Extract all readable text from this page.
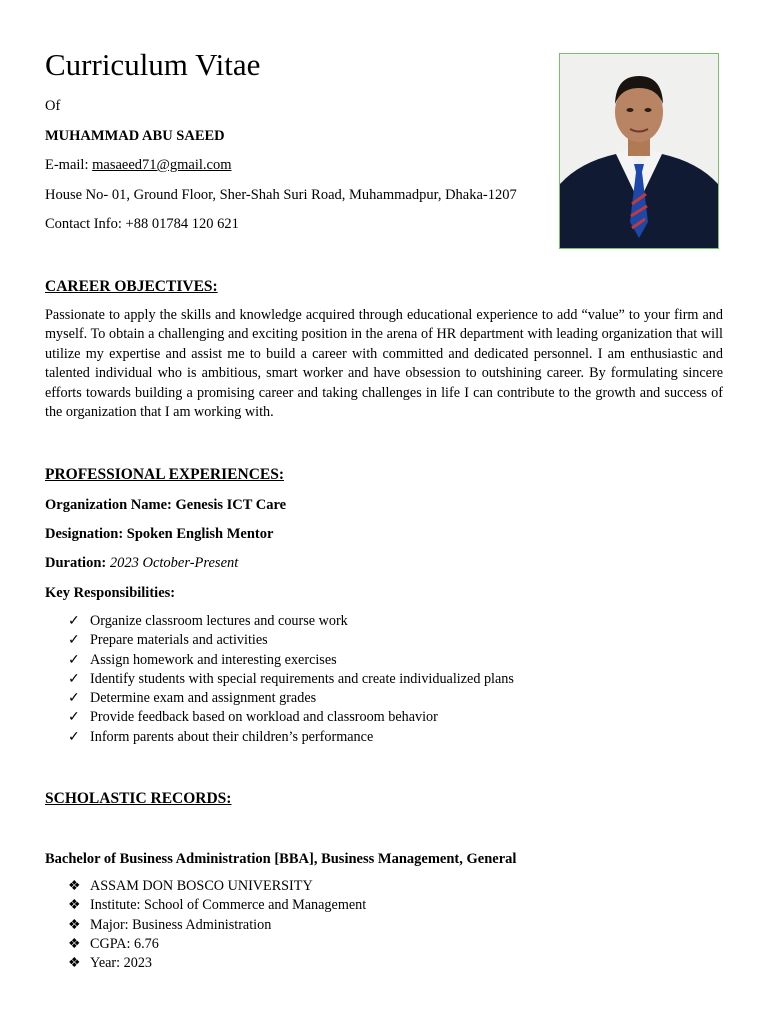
Curriculum Vitae
Of
MUHAMMAD ABU SAEED
E-mail: masaeed71@gmail.com
House No- 01, Ground Floor, Sher-Shah Suri Road, Muhammadpur, Dhaka-1207
Contact Info: +88 01784 120 621
CAREER OBJECTIVES:

Passionate to apply the skills and knowledge acquired through educational experience to add “value” to your firm and myself. To obtain a challenging and exciting position in the arena of HR department with leading organization that will utilize my expertise and assist me to build a career with committed and dedicated personnel. I am enthusiastic and talented individual who is ambitious, smart worker and have obsession to outshining career. By formulating sincere efforts towards building a promising career and taking challenges in life I can contribute to the growth and success of the organization that I am working with.

PROFESSIONAL EXPERIENCES:
Organization Name: Genesis ICT Care
Designation: Spoken English Mentor
Duration: 2023 October-Present
Key Responsibilities:
✓ Organize classroom lectures and course work
✓ Prepare materials and activities
✓ Assign homework and interesting exercises
✓ Identify students with special requirements and create individualized plans
✓ Determine exam and assignment grades
✓ Provide feedback based on workload and classroom behavior
✓ Inform parents about their children’s performance
SCHOLASTIC RECORDS:
Bachelor of Business Administration [BBA], Business Management, General
❖ ASSAM DON BOSCO UNIVERSITY
❖ Institute: School of Commerce and Management
❖ Major: Business Administration
❖ CGPA: 6.76
❖ Year: 2023
